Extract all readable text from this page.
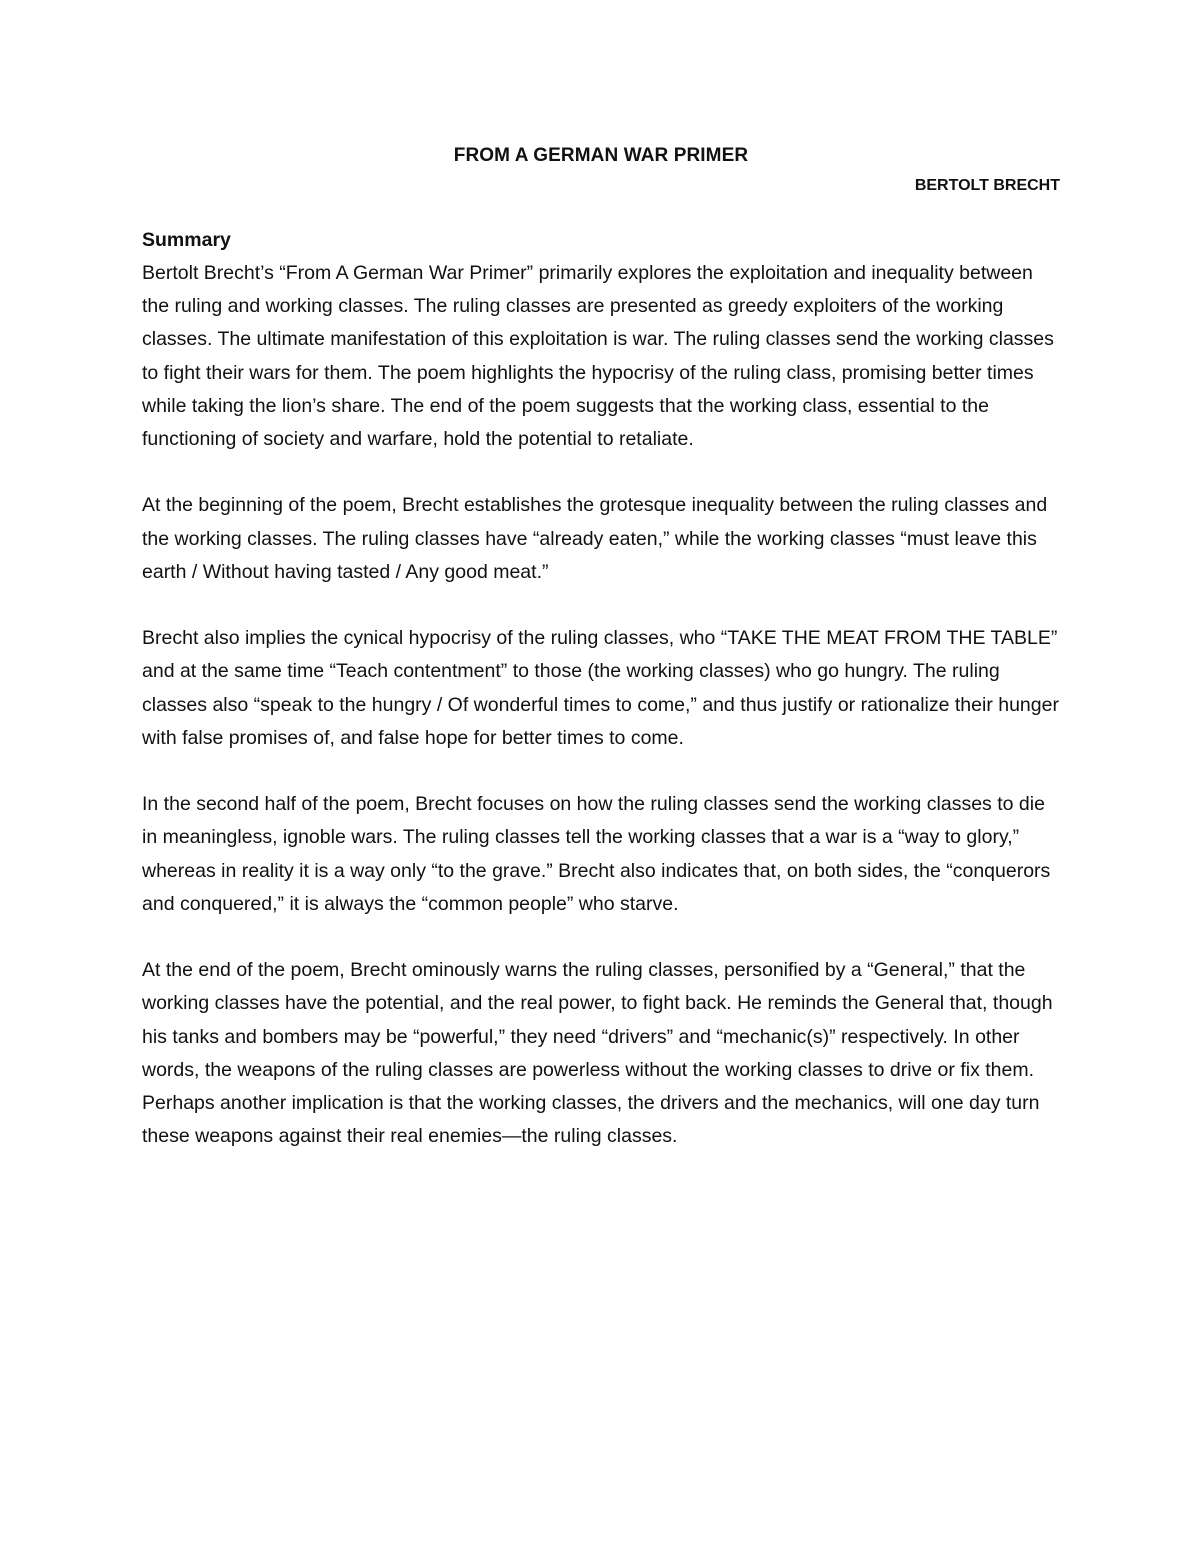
FROM A GERMAN WAR PRIMER
BERTOLT BRECHT
Summary

Bertolt Brecht’s “From A German War Primer” primarily explores the exploitation and inequality between the ruling and working classes. The ruling classes are presented as greedy exploiters of the working classes. The ultimate manifestation of this exploitation is war. The ruling classes send the working classes to fight their wars for them. The poem highlights the hypocrisy of the ruling class, promising better times while taking the lion’s share. The end of the poem suggests that the working class, essential to the functioning of society and warfare, hold the potential to retaliate.

At the beginning of the poem, Brecht establishes the grotesque inequality between the ruling classes and the working classes. The ruling classes have “already eaten,” while the working classes “must leave this earth / Without having tasted / Any good meat.”

Brecht also implies the cynical hypocrisy of the ruling classes, who “TAKE THE MEAT FROM THE TABLE” and at the same time “Teach contentment” to those (the working classes) who go hungry. The ruling classes also “speak to the hungry / Of wonderful times to come,” and thus justify or rationalize their hunger with false promises of, and false hope for better times to come.

In the second half of the poem, Brecht focuses on how the ruling classes send the working classes to die in meaningless, ignoble wars. The ruling classes tell the working classes that a war is a “way to glory,” whereas in reality it is a way only “to the grave.” Brecht also indicates that, on both sides, the “conquerors and conquered,” it is always the “common people” who starve.

At the end of the poem, Brecht ominously warns the ruling classes, personified by a “General,” that the working classes have the potential, and the real power, to fight back. He reminds the General that, though his tanks and bombers may be “powerful,” they need “drivers” and “mechanic(s)” respectively. In other words, the weapons of the ruling classes are powerless without the working classes to drive or fix them. Perhaps another implication is that the working classes, the drivers and the mechanics, will one day turn these weapons against their real enemies—the ruling classes.
